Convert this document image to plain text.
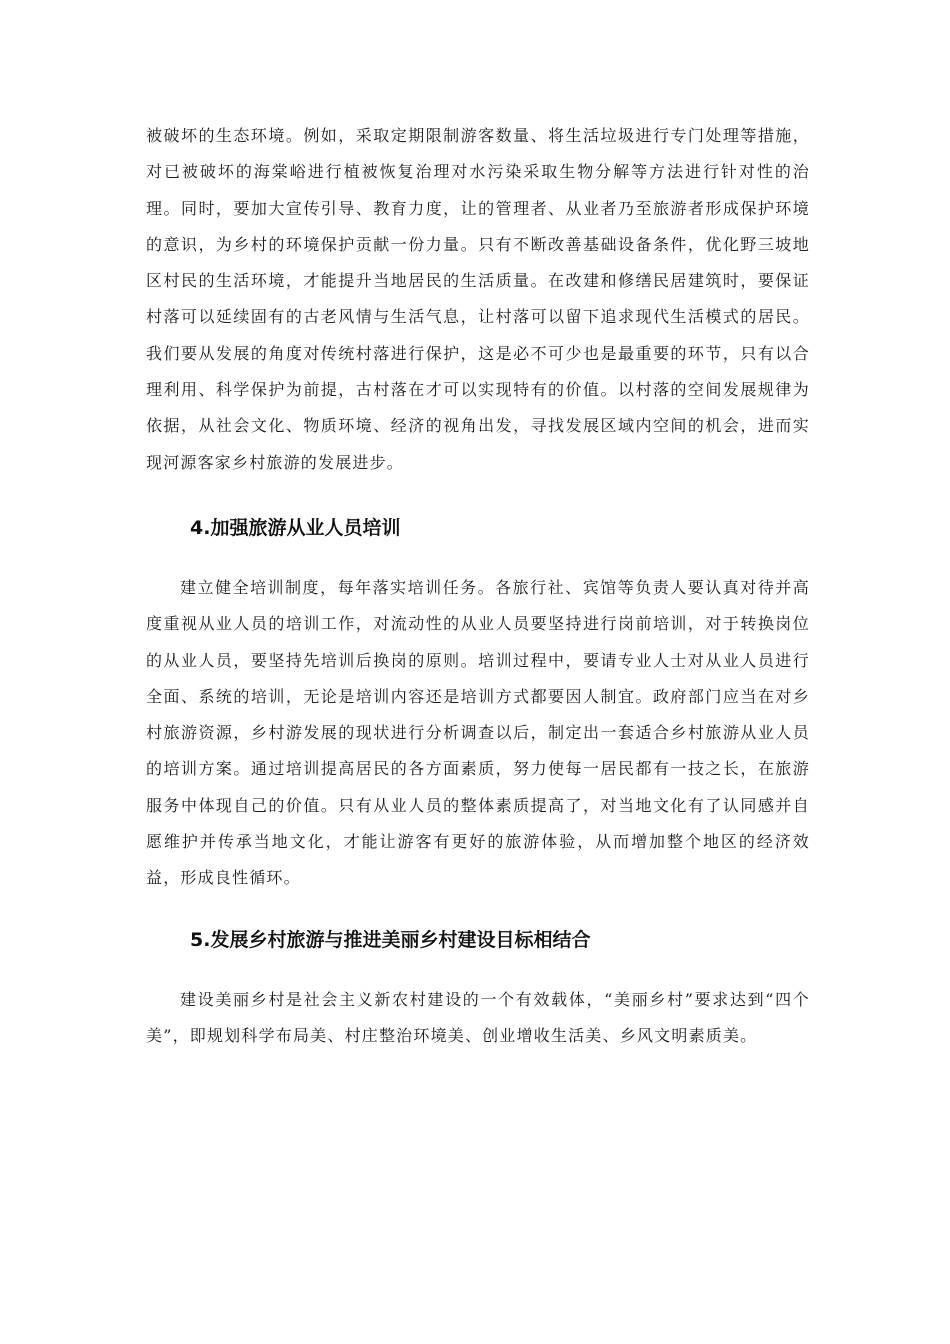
被破坏的生态环境。例如，采取定期限制游客数量、将生活垃圾进行专门处理等措施，对已被破坏的海棠峪进行植被恢复治理对水污染采取生物分解等方法进行针对性的治理。同时，要加大宣传引导、教育力度，让的管理者、从业者乃至旅游者形成保护环境的意识，为乡村的环境保护贡献一份力量。只有不断改善基础设备条件，优化野三坡地区村民的生活环境，才能提升当地居民的生活质量。在改建和修缮民居建筑时，要保证村落可以延续固有的古老风情与生活气息，让村落可以留下追求现代生活模式的居民。我们要从发展的角度对传统村落进行保护，这是必不可少也是最重要的环节，只有以合理利用、科学保护为前提，古村落在才可以实现特有的价值。以村落的空间发展规律为依据，从社会文化、物质环境、经济的视角出发，寻找发展区域内空间的机会，进而实现河源客家乡村旅游的发展进步。

4.加强旅游从业人员培训

建立健全培训制度，每年落实培训任务。各旅行社、宾馆等负责人要认真对待并高度重视从业人员的培训工作，对流动性的从业人员要坚持进行岗前培训，对于转换岗位的从业人员，要坚持先培训后换岗的原则。培训过程中，要请专业人士对从业人员进行全面、系统的培训，无论是培训内容还是培训方式都要因人制宜。政府部门应当在对乡村旅游资源，乡村游发展的现状进行分析调查以后，制定出一套适合乡村旅游从业人员的培训方案。通过培训提高居民的各方面素质，努力使每一居民都有一技之长，在旅游服务中体现自己的价值。只有从业人员的整体素质提高了，对当地文化有了认同感并自愿维护并传承当地文化，才能让游客有更好的旅游体验，从而增加整个地区的经济效益，形成良性循环。

5.发展乡村旅游与推进美丽乡村建设目标相结合

建设美丽乡村是社会主义新农村建设的一个有效载体，“美丽乡村”要求达到“四个美”，即规划科学布局美、村庄整治环境美、创业增收生活美、乡风文明素质美。
